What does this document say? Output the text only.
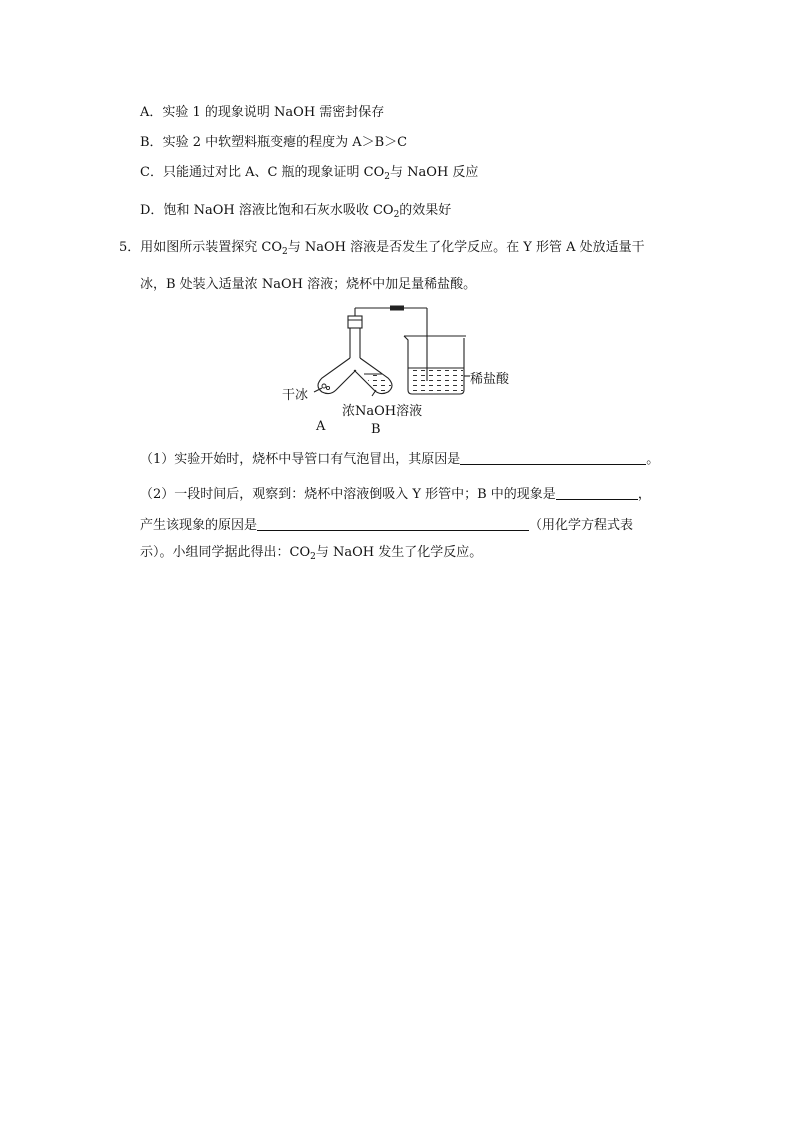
A．实验 1 的现象说明 NaOH 需密封保存
B．实验 2 中软塑料瓶变瘪的程度为 A＞B＞C
C．只能通过对比 A、C 瓶的现象证明 $CO_2$与 NaOH 反应
D．饱和 NaOH 溶液比饱和石灰水吸收 $CO_2$的效果好
5．用如图所示装置探究 $CO_2$与 NaOH 溶液是否发生了化学反应。在 Y 形管 A 处放适量干
冰，B 处装入适量浓 NaOH 溶液；烧杯中加足量稀盐酸。
干冰
浓NaOH溶液
稀盐酸
A	B
（1）实验开始时，烧杯中导管口有气泡冒出，其原因是	。
（2）一段时间后，观察到：烧杯中溶液倒吸入 Y 形管中；B 中的现象是	，
产生该现象的原因是	（用化学方程式表
示）。小组同学据此得出：$CO_2$与 NaOH 发生了化学反应。
